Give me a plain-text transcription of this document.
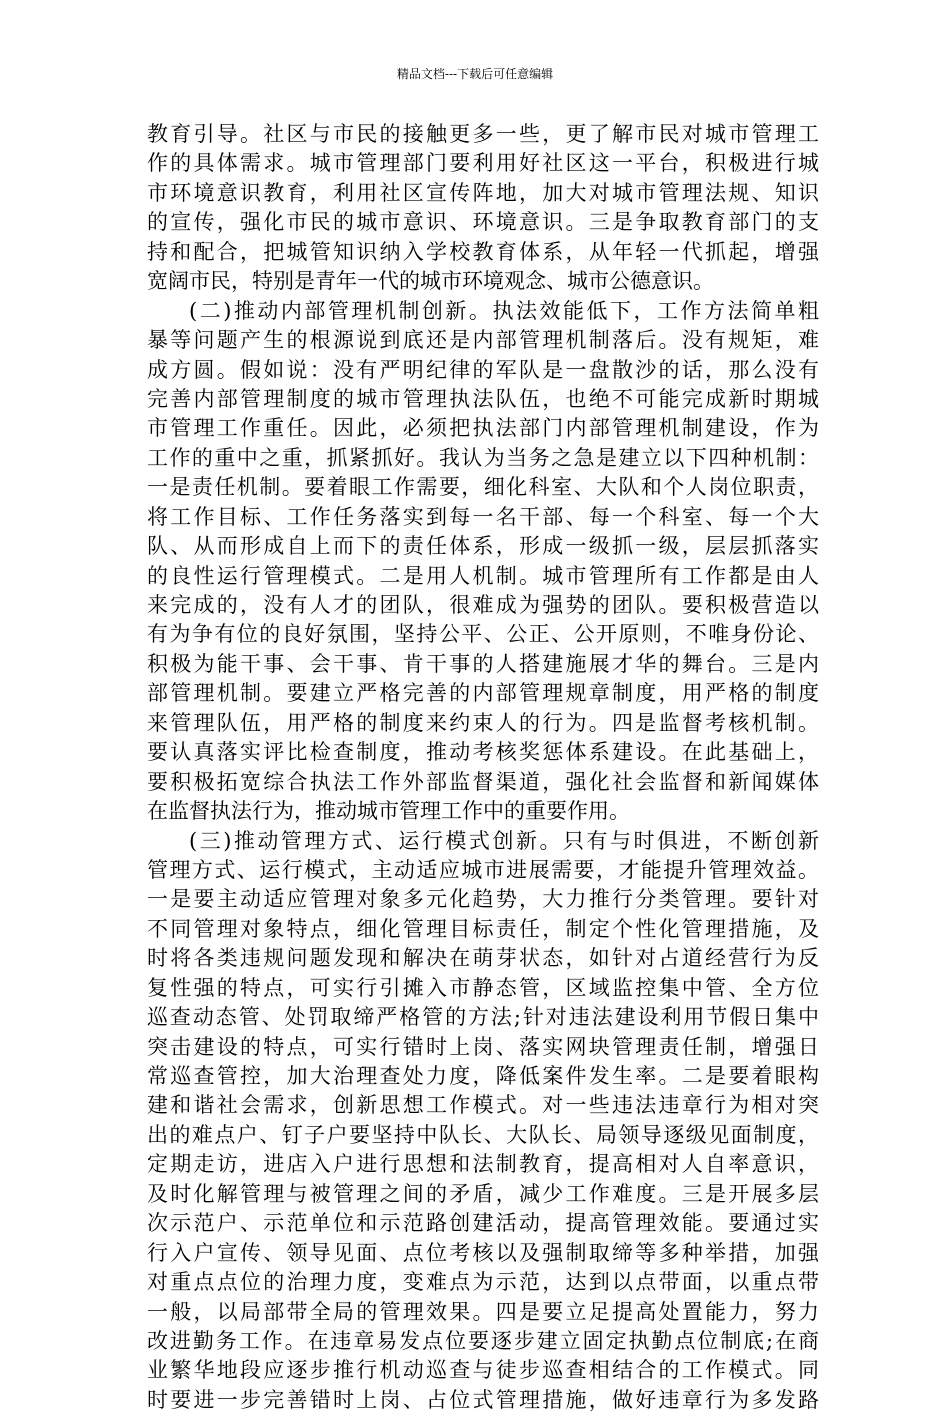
精品文档---下载后可任意编辑
教育引导。社区与市民的接触更多一些，更了解市民对城市管理工
作的具体需求。城市管理部门要利用好社区这一平台，积极进行城
市环境意识教育，利用社区宣传阵地，加大对城市管理法规、知识
的宣传，强化市民的城市意识、环境意识。三是争取教育部门的支
持和配合，把城管知识纳入学校教育体系，从年轻一代抓起，增强
宽阔市民，特别是青年一代的城市环境观念、城市公德意识。
(二)推动内部管理机制创新。执法效能低下，工作方法简单粗
暴等问题产生的根源说到底还是内部管理机制落后。没有规矩，难
成方圆。假如说：没有严明纪律的军队是一盘散沙的话，那么没有
完善内部管理制度的城市管理执法队伍，也绝不可能完成新时期城
市管理工作重任。因此，必须把执法部门内部管理机制建设，作为
工作的重中之重，抓紧抓好。我认为当务之急是建立以下四种机制：
一是责任机制。要着眼工作需要，细化科室、大队和个人岗位职责，
将工作目标、工作任务落实到每一名干部、每一个科室、每一个大
队、从而形成自上而下的责任体系，形成一级抓一级，层层抓落实
的良性运行管理模式。二是用人机制。城市管理所有工作都是由人
来完成的，没有人才的团队，很难成为强势的团队。要积极营造以
有为争有位的良好氛围，坚持公平、公正、公开原则，不唯身份论、
积极为能干事、会干事、肯干事的人搭建施展才华的舞台。三是内
部管理机制。要建立严格完善的内部管理规章制度，用严格的制度
来管理队伍，用严格的制度来约束人的行为。四是监督考核机制。
要认真落实评比检查制度，推动考核奖惩体系建设。在此基础上，
要积极拓宽综合执法工作外部监督渠道，强化社会监督和新闻媒体
在监督执法行为，推动城市管理工作中的重要作用。
(三)推动管理方式、运行模式创新。只有与时俱进，不断创新
管理方式、运行模式，主动适应城市进展需要，才能提升管理效益。
一是要主动适应管理对象多元化趋势，大力推行分类管理。要针对
不同管理对象特点，细化管理目标责任，制定个性化管理措施，及
时将各类违规问题发现和解决在萌芽状态，如针对占道经营行为反
复性强的特点，可实行引摊入市静态管，区域监控集中管、全方位
巡查动态管、处罚取缔严格管的方法;针对违法建设利用节假日集中
突击建设的特点，可实行错时上岗、落实网块管理责任制，增强日
常巡查管控，加大治理查处力度，降低案件发生率。二是要着眼构
建和谐社会需求，创新思想工作模式。对一些违法违章行为相对突
出的难点户、钉子户要坚持中队长、大队长、局领导逐级见面制度，
定期走访，进店入户进行思想和法制教育，提高相对人自率意识，
及时化解管理与被管理之间的矛盾，减少工作难度。三是开展多层
次示范户、示范单位和示范路创建活动，提高管理效能。要通过实
行入户宣传、领导见面、点位考核以及强制取缔等多种举措，加强
对重点点位的治理力度，变难点为示范，达到以点带面，以重点带
一般，以局部带全局的管理效果。四是要立足提高处置能力，努力
改进勤务工作。在违章易发点位要逐步建立固定执勤点位制底;在商
业繁华地段应逐步推行机动巡查与徒步巡查相结合的工作模式。同
时要进一步完善错时上岗、占位式管理措施，做好违章行为多发路
